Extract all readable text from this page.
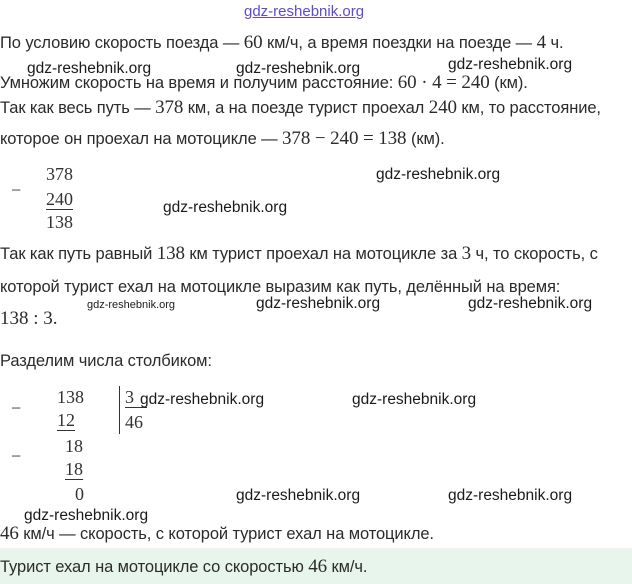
gdz-reshebnik.org
По условию скорость поезда — 60 км/ч, а время поездки на поезде — 4 ч.
gdz-reshebnik.org	gdz-reshebnik.org	gdz-reshebnik.org
Умножим скорость на время и получим расстояние: 60 · 4 = 240 (км).
Так как весь путь — 378 км, а на поезде турист проехал 240 км, то расстояние,
которое он проехал на мотоцикле — 378 − 240 = 138 (км).
−
378
240
138
gdz-reshebnik.org
gdz-reshebnik.org
Так как путь равный 138 км турист проехал на мотоцикле за 3 ч, то скорость, с
которой турист ехал на мотоцикле выразим как путь, делённый на время:
138 : 3.
gdz-reshebnik.org	gdz-reshebnik.org	gdz-reshebnik.org
Разделим числа столбиком:
−
138
12
3
46
− 18
18
0
gdz-reshebnik.org	gdz-reshebnik.org
gdz-reshebnik.org	gdz-reshebnik.org
gdz-reshebnik.org
46 км/ч — скорость, с которой турист ехал на мотоцикле.
Турист ехал на мотоцикле со скоростью 46 км/ч.
